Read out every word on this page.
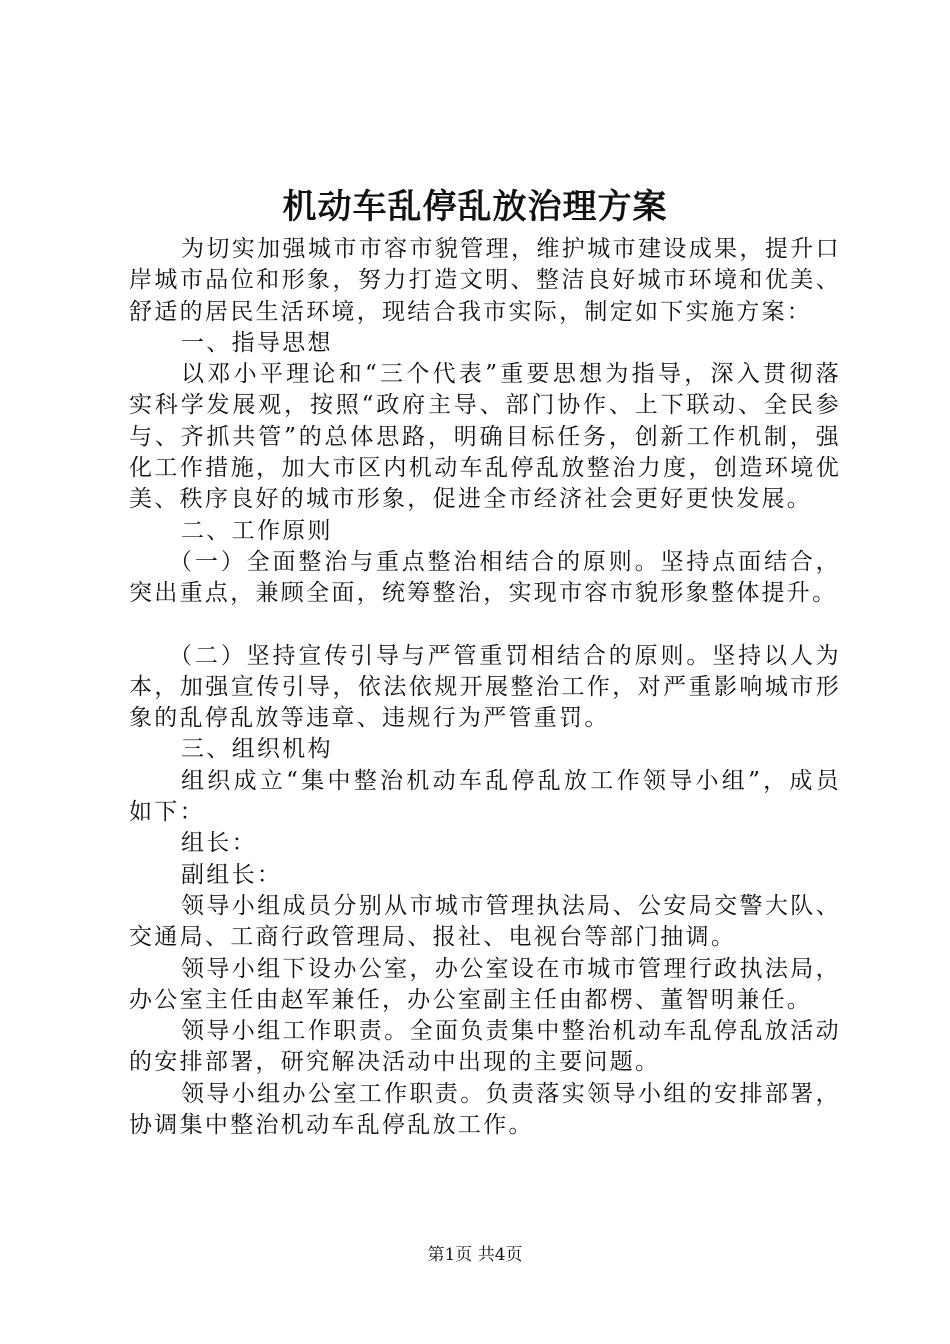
机动车乱停乱放治理方案

为切实加强城市市容市貌管理，维护城市建设成果，提升口岸城市品位和形象，努力打造文明、整洁良好城市环境和优美、舒适的居民生活环境，现结合我市实际，制定如下实施方案：

一、指导思想

以邓小平理论和“三个代表”重要思想为指导，深入贯彻落实科学发展观，按照“政府主导、部门协作、上下联动、全民参与、齐抓共管”的总体思路，明确目标任务，创新工作机制，强化工作措施，加大市区内机动车乱停乱放整治力度，创造环境优美、秩序良好的城市形象，促进全市经济社会更好更快发展。

二、工作原则

（一）全面整治与重点整治相结合的原则。坚持点面结合，突出重点，兼顾全面，统筹整治，实现市容市貌形象整体提升。

（二）坚持宣传引导与严管重罚相结合的原则。坚持以人为本，加强宣传引导，依法依规开展整治工作，对严重影响城市形象的乱停乱放等违章、违规行为严管重罚。

三、组织机构

组织成立“集中整治机动车乱停乱放工作领导小组”，成员如下：

组长：

副组长：

领导小组成员分别从市城市管理执法局、公安局交警大队、交通局、工商行政管理局、报社、电视台等部门抽调。

领导小组下设办公室，办公室设在市城市管理行政执法局，办公室主任由赵军兼任，办公室副主任由都楞、董智明兼任。

领导小组工作职责。全面负责集中整治机动车乱停乱放活动的安排部署，研究解决活动中出现的主要问题。

领导小组办公室工作职责。负责落实领导小组的安排部署，协调集中整治机动车乱停乱放工作。

第1页 共4页
